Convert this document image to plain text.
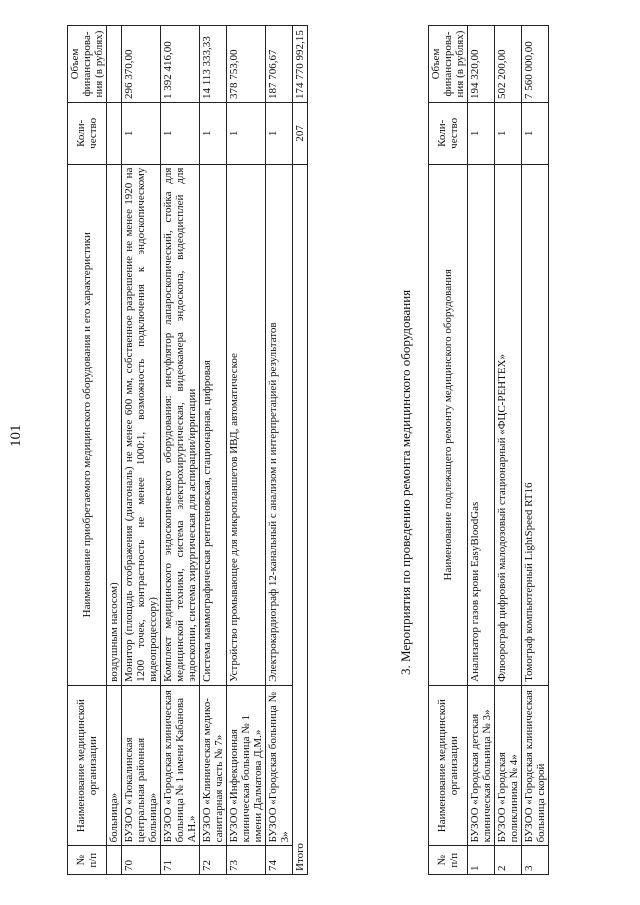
101
№ п/п	Наименование медицинской организации	Наименование приобретаемого медицинского оборудования и его характеристики	Коли-чество	Объем финансирова-ния (в рублях)
	больница»	воздушным насосом)		
70	БУЗОО «Тюкалинская центральная районная больница»	Монитор (площадь отображения (диагональ) не менее 600 мм, собственное разрешение не менее 1920 на 1200 точек, контрастность не менее 1000:1, возможность подключения к эндоскопическому видеопроцессору)	1	296 370,00
71	БУЗОО «Городская клиническая больница № 1 имени Кабанова А.Н.»	Комплект медицинского эндоскопического оборудования: инсуфлятор лапароскопический, стойка для медицинской техники, система электрохирургическая, видеокамера эндоскопа, видеодисплей для эндоскопии, система хирургическая для аспирации/ирригации	1	1 392 416,00
72	БУЗОО «Клиническая медико-санитарная часть № 7»	Система маммографическая рентгеновская, стационарная, цифровая	1	14 113 333,33
73	БУЗОО «Инфекционная клиническая больница № 1 имени Далматова Д.М.»	Устройство промывающее для микропланшетов ИВД, автоматическое	1	378 753,00
74	БУЗОО «Городская больница № 3»	Электрокардиограф 12-канальный с анализом и интерпретацией результатов	1	187 706,67
Итого			207	174 770 992,15
3. Мероприятия по проведению ремонта медицинского оборудования
№ п/п	Наименование медицинской организации	Наименование подлежащего ремонту медицинского оборудования	Коли-чество	Объем финансирова-ния (в рублях)
1	БУЗОО «Городская детская клиническая больница № 3»	Анализатор газов крови EasyBloodGas	1	194 320,00
2	БУЗОО «Городская поликлиника № 4»	Флюорограф цифровой малодозовый стационарный «ФЦС-РЕНТЕХ»	1	502 200,00
3	БУЗОО «Городская клиническая больница скорой	Томограф компьютерный LightSpeed RT16	1	7 560 000,00
